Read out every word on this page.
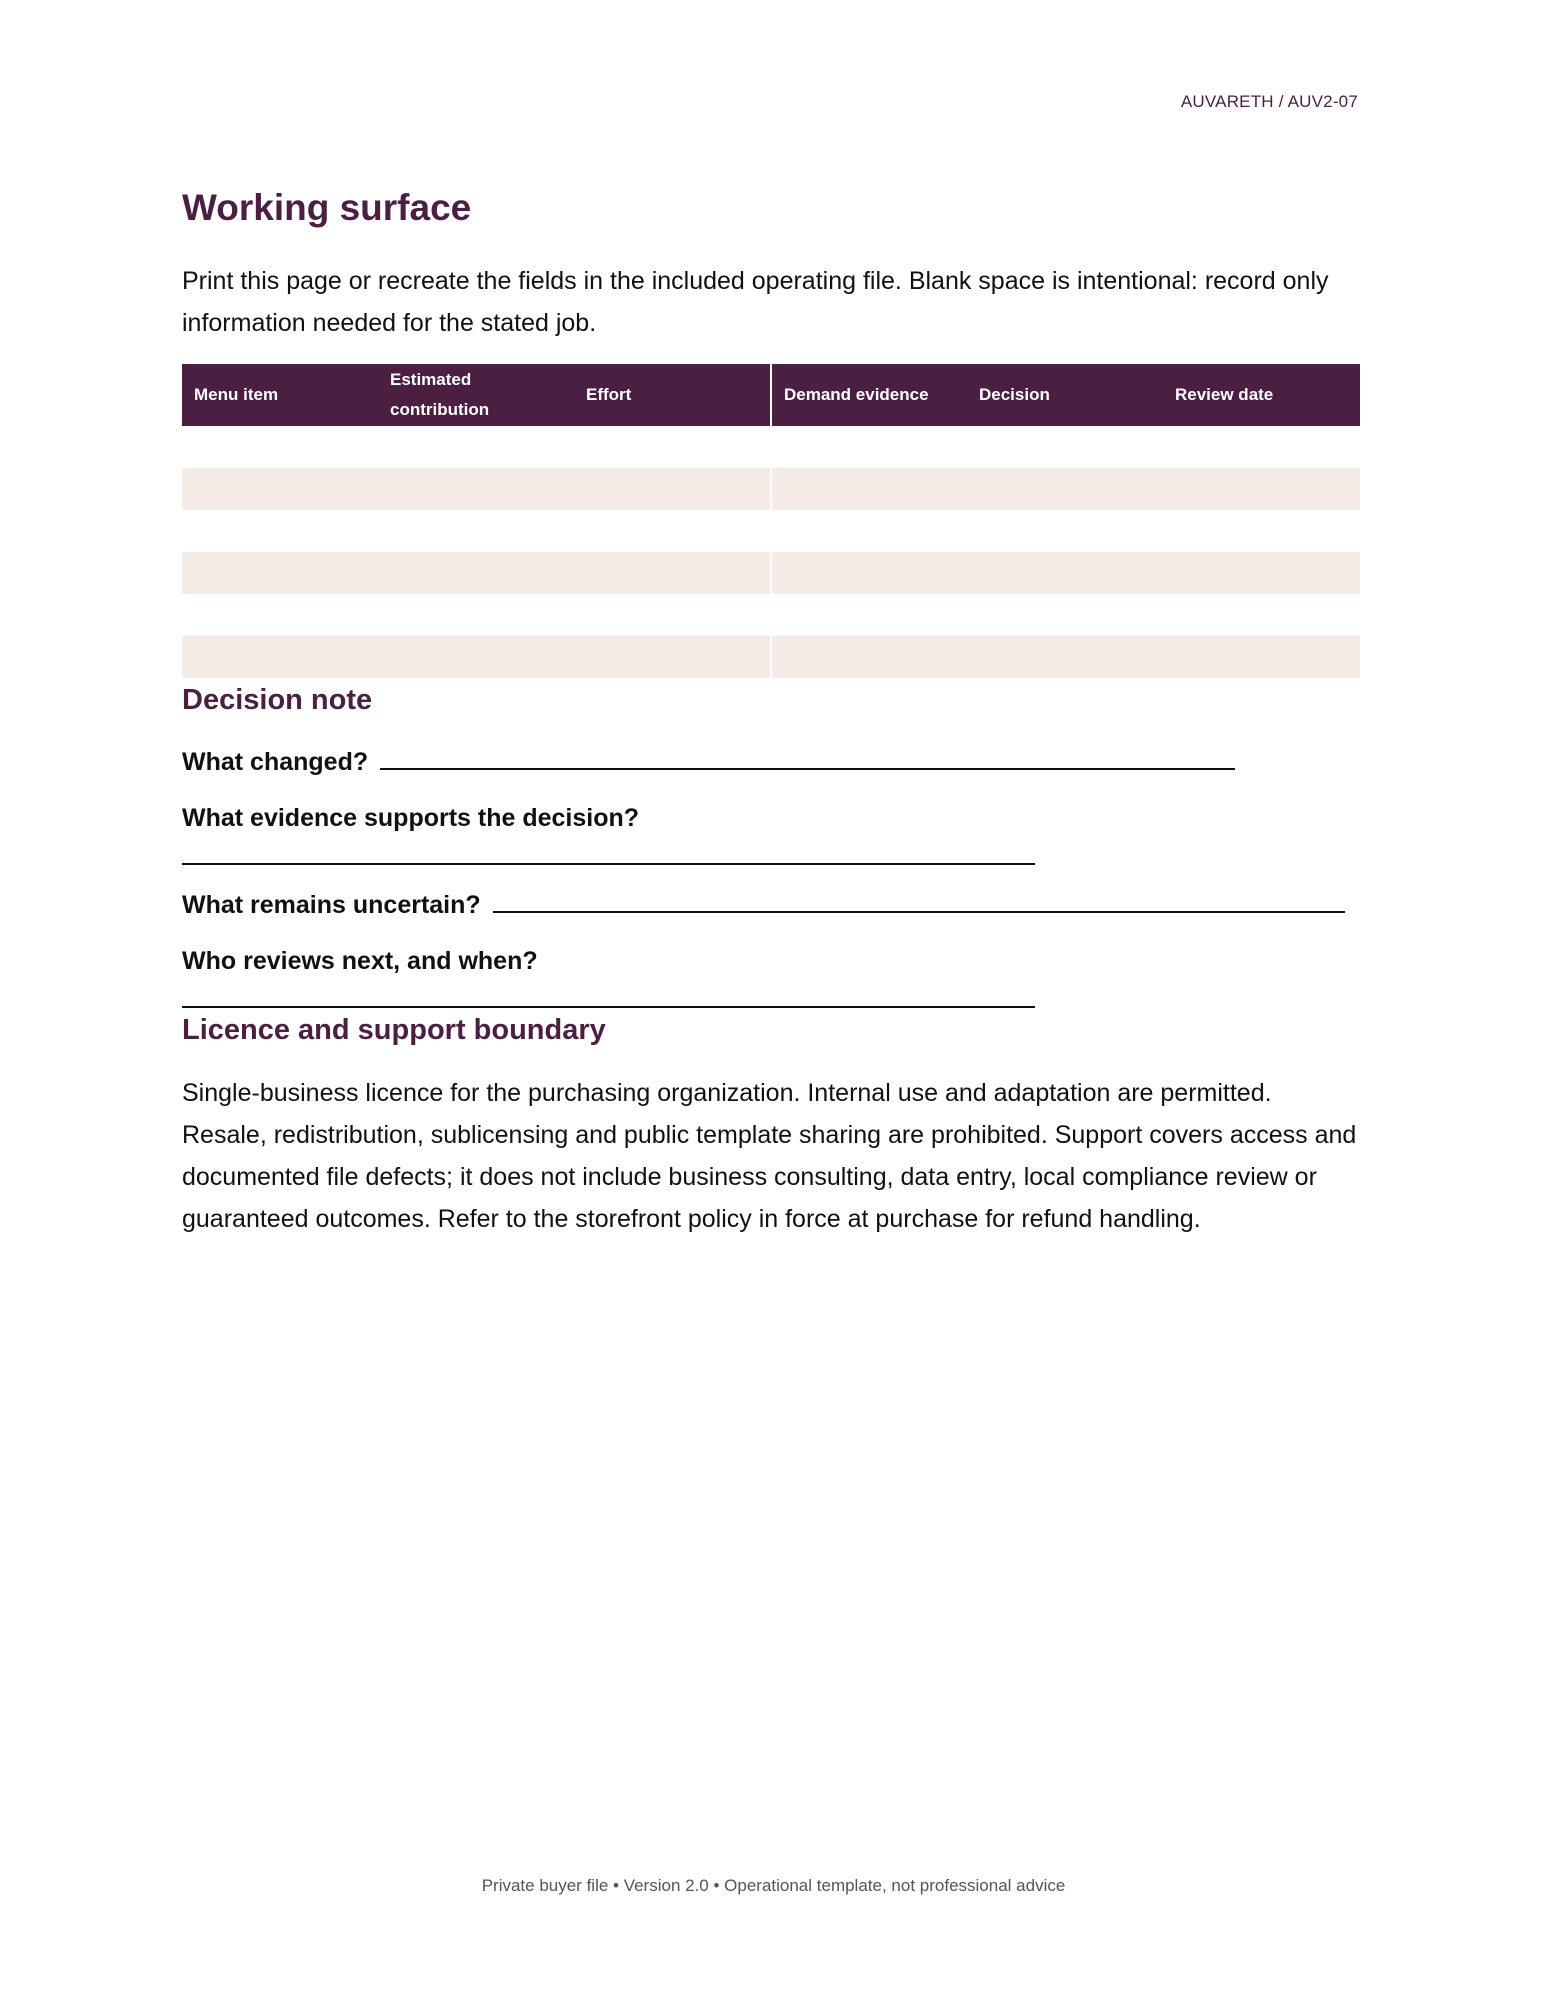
AUVARETH / AUV2-07
Working surface

Print this page or recreate the fields in the included operating file. Blank space is intentional: record only information needed for the stated job.

Menu item	Estimated contribution	Effort	Demand evidence	Decision	Review date

Decision note
What changed?
What evidence supports the decision?
What remains uncertain?
Who reviews next, and when?
Licence and support boundary

Single-business licence for the purchasing organization. Internal use and adaptation are permitted. Resale, redistribution, sublicensing and public template sharing are prohibited. Support covers access and documented file defects; it does not include business consulting, data entry, local compliance review or guaranteed outcomes. Refer to the storefront policy in force at purchase for refund handling.

Private buyer file • Version 2.0 • Operational template, not professional advice
